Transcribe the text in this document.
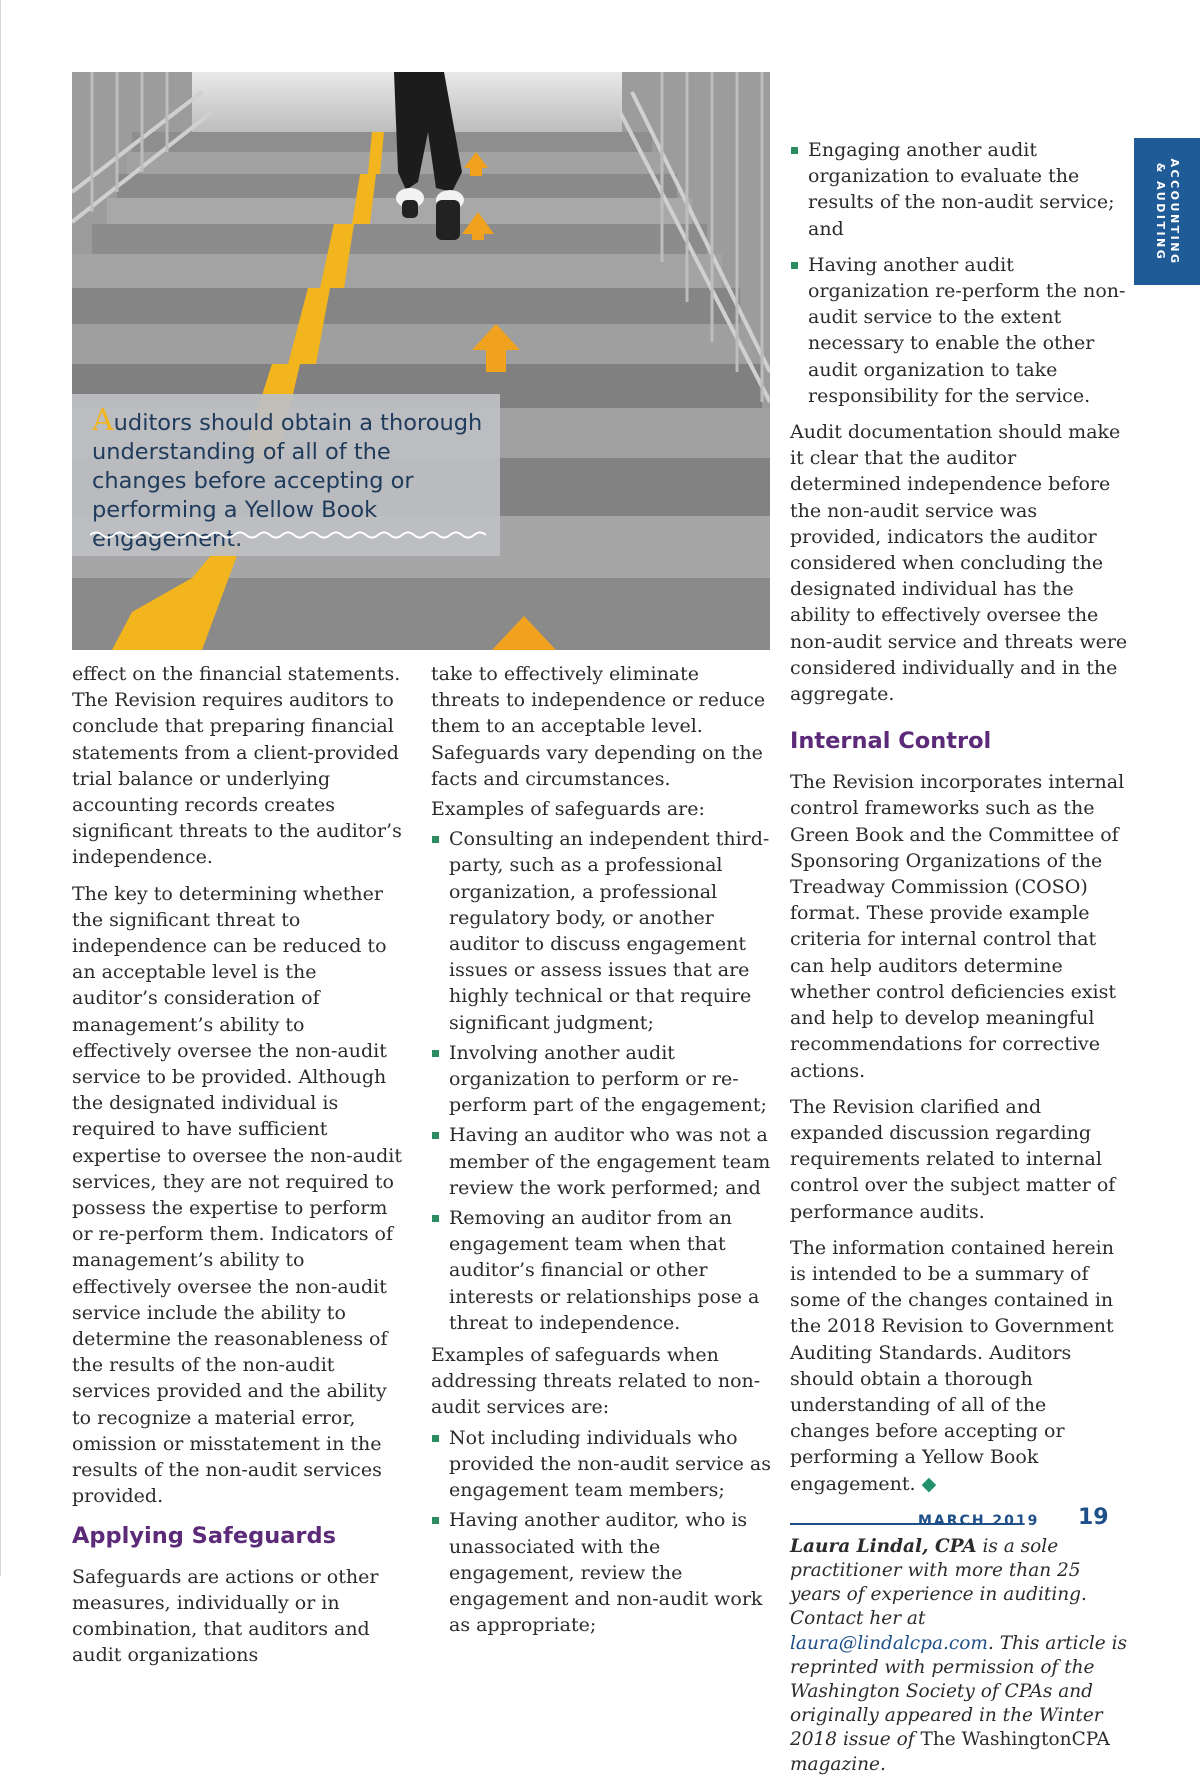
Auditors should obtain a thorough understanding of all of the changes before accepting or performing a Yellow Book engagement.

ACCOUNTING
& AUDITING

effect on the financial statements. The Revision requires auditors to conclude that preparing financial statements from a client-provided trial balance or underlying accounting records creates significant threats to the auditor’s independence.

The key to determining whether the significant threat to independence can be reduced to an acceptable level is the auditor’s consideration of management’s ability to effectively oversee the non-audit service to be provided. Although the designated individual is required to have sufficient expertise to oversee the non-audit services, they are not required to possess the expertise to perform or re-perform them. Indicators of management’s ability to effectively oversee the non-audit service include the ability to determine the reasonableness of the results of the non-audit services provided and the ability to recognize a material error, omission or misstatement in the results of the non-audit services provided.

Applying Safeguards

Safeguards are actions or other measures, individually or in combination, that auditors and audit organizations

take to effectively eliminate threats to independence or reduce them to an acceptable level. Safeguards vary depending on the facts and circumstances.

Examples of safeguards are:

Consulting an independent third-party, such as a professional organization, a professional regulatory body, or another auditor to discuss engagement issues or assess issues that are highly technical or that require significant judgment;
Involving another audit organization to perform or re-perform part of the engagement;
Having an auditor who was not a member of the engagement team review the work performed; and
Removing an auditor from an engagement team when that auditor’s financial or other interests or relationships pose a threat to independence.

Examples of safeguards when addressing threats related to non-audit services are:

Not including individuals who provided the non-audit service as engagement team members;
Having another auditor, who is unassociated with the engagement, review the engagement and non-audit work as appropriate;
Engaging another audit organization to evaluate the results of the non-audit service; and
Having another audit organization re-perform the non-audit service to the extent necessary to enable the other audit organization to take responsibility for the service.

Audit documentation should make it clear that the auditor determined independence before the non-audit service was provided, indicators the auditor considered when concluding the designated individual has the ability to effectively oversee the non-audit service and threats were considered individually and in the aggregate.

Internal Control

The Revision incorporates internal control frameworks such as the Green Book and the Committee of Sponsoring Organizations of the Treadway Commission (COSO) format. These provide example criteria for internal control that can help auditors determine whether control deficiencies exist and help to develop meaningful recommendations for corrective actions.

The Revision clarified and expanded discussion regarding requirements related to internal control over the subject matter of performance audits.

The information contained herein is intended to be a summary of some of the changes contained in the 2018 Revision to Government Auditing Standards. Auditors should obtain a thorough understanding of all of the changes before accepting or performing a Yellow Book engagement. ◆

Laura Lindal, CPA is a sole practitioner with more than 25 years of experience in auditing. Contact her at laura@lindalcpa.com. This article is reprinted with permission of the Washington Society of CPAs and originally appeared in the Winter 2018 issue of The WashingtonCPA magazine.

MARCH 2019 19
